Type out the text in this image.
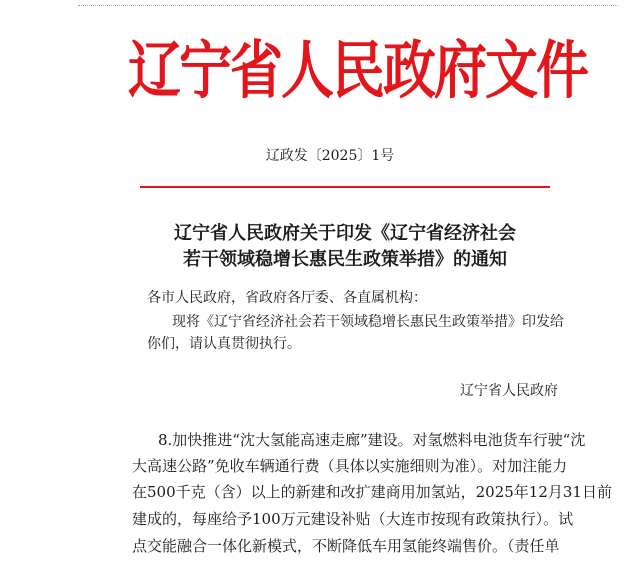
辽宁省人民政府文件
辽政发〔2025〕1号
辽宁省人民政府关于印发《辽宁省经济社会
若干领域稳增长惠民生政策举措》的通知
各市人民政府，省政府各厅委、各直属机构：
现将《辽宁省经济社会若干领域稳增长惠民生政策举措》印发给
你们，请认真贯彻执行。
辽宁省人民政府
8.加快推进“沈大氢能高速走廊”建设。对氢燃料电池货车行驶“沈
大高速公路”免收车辆通行费（具体以实施细则为准）。对加注能力
在500千克（含）以上的新建和改扩建商用加氢站，2025年12月31日前
建成的，每座给予100万元建设补贴（大连市按现有政策执行）。试
点交能融合一体化新模式，不断降低车用氢能终端售价。（责任单
